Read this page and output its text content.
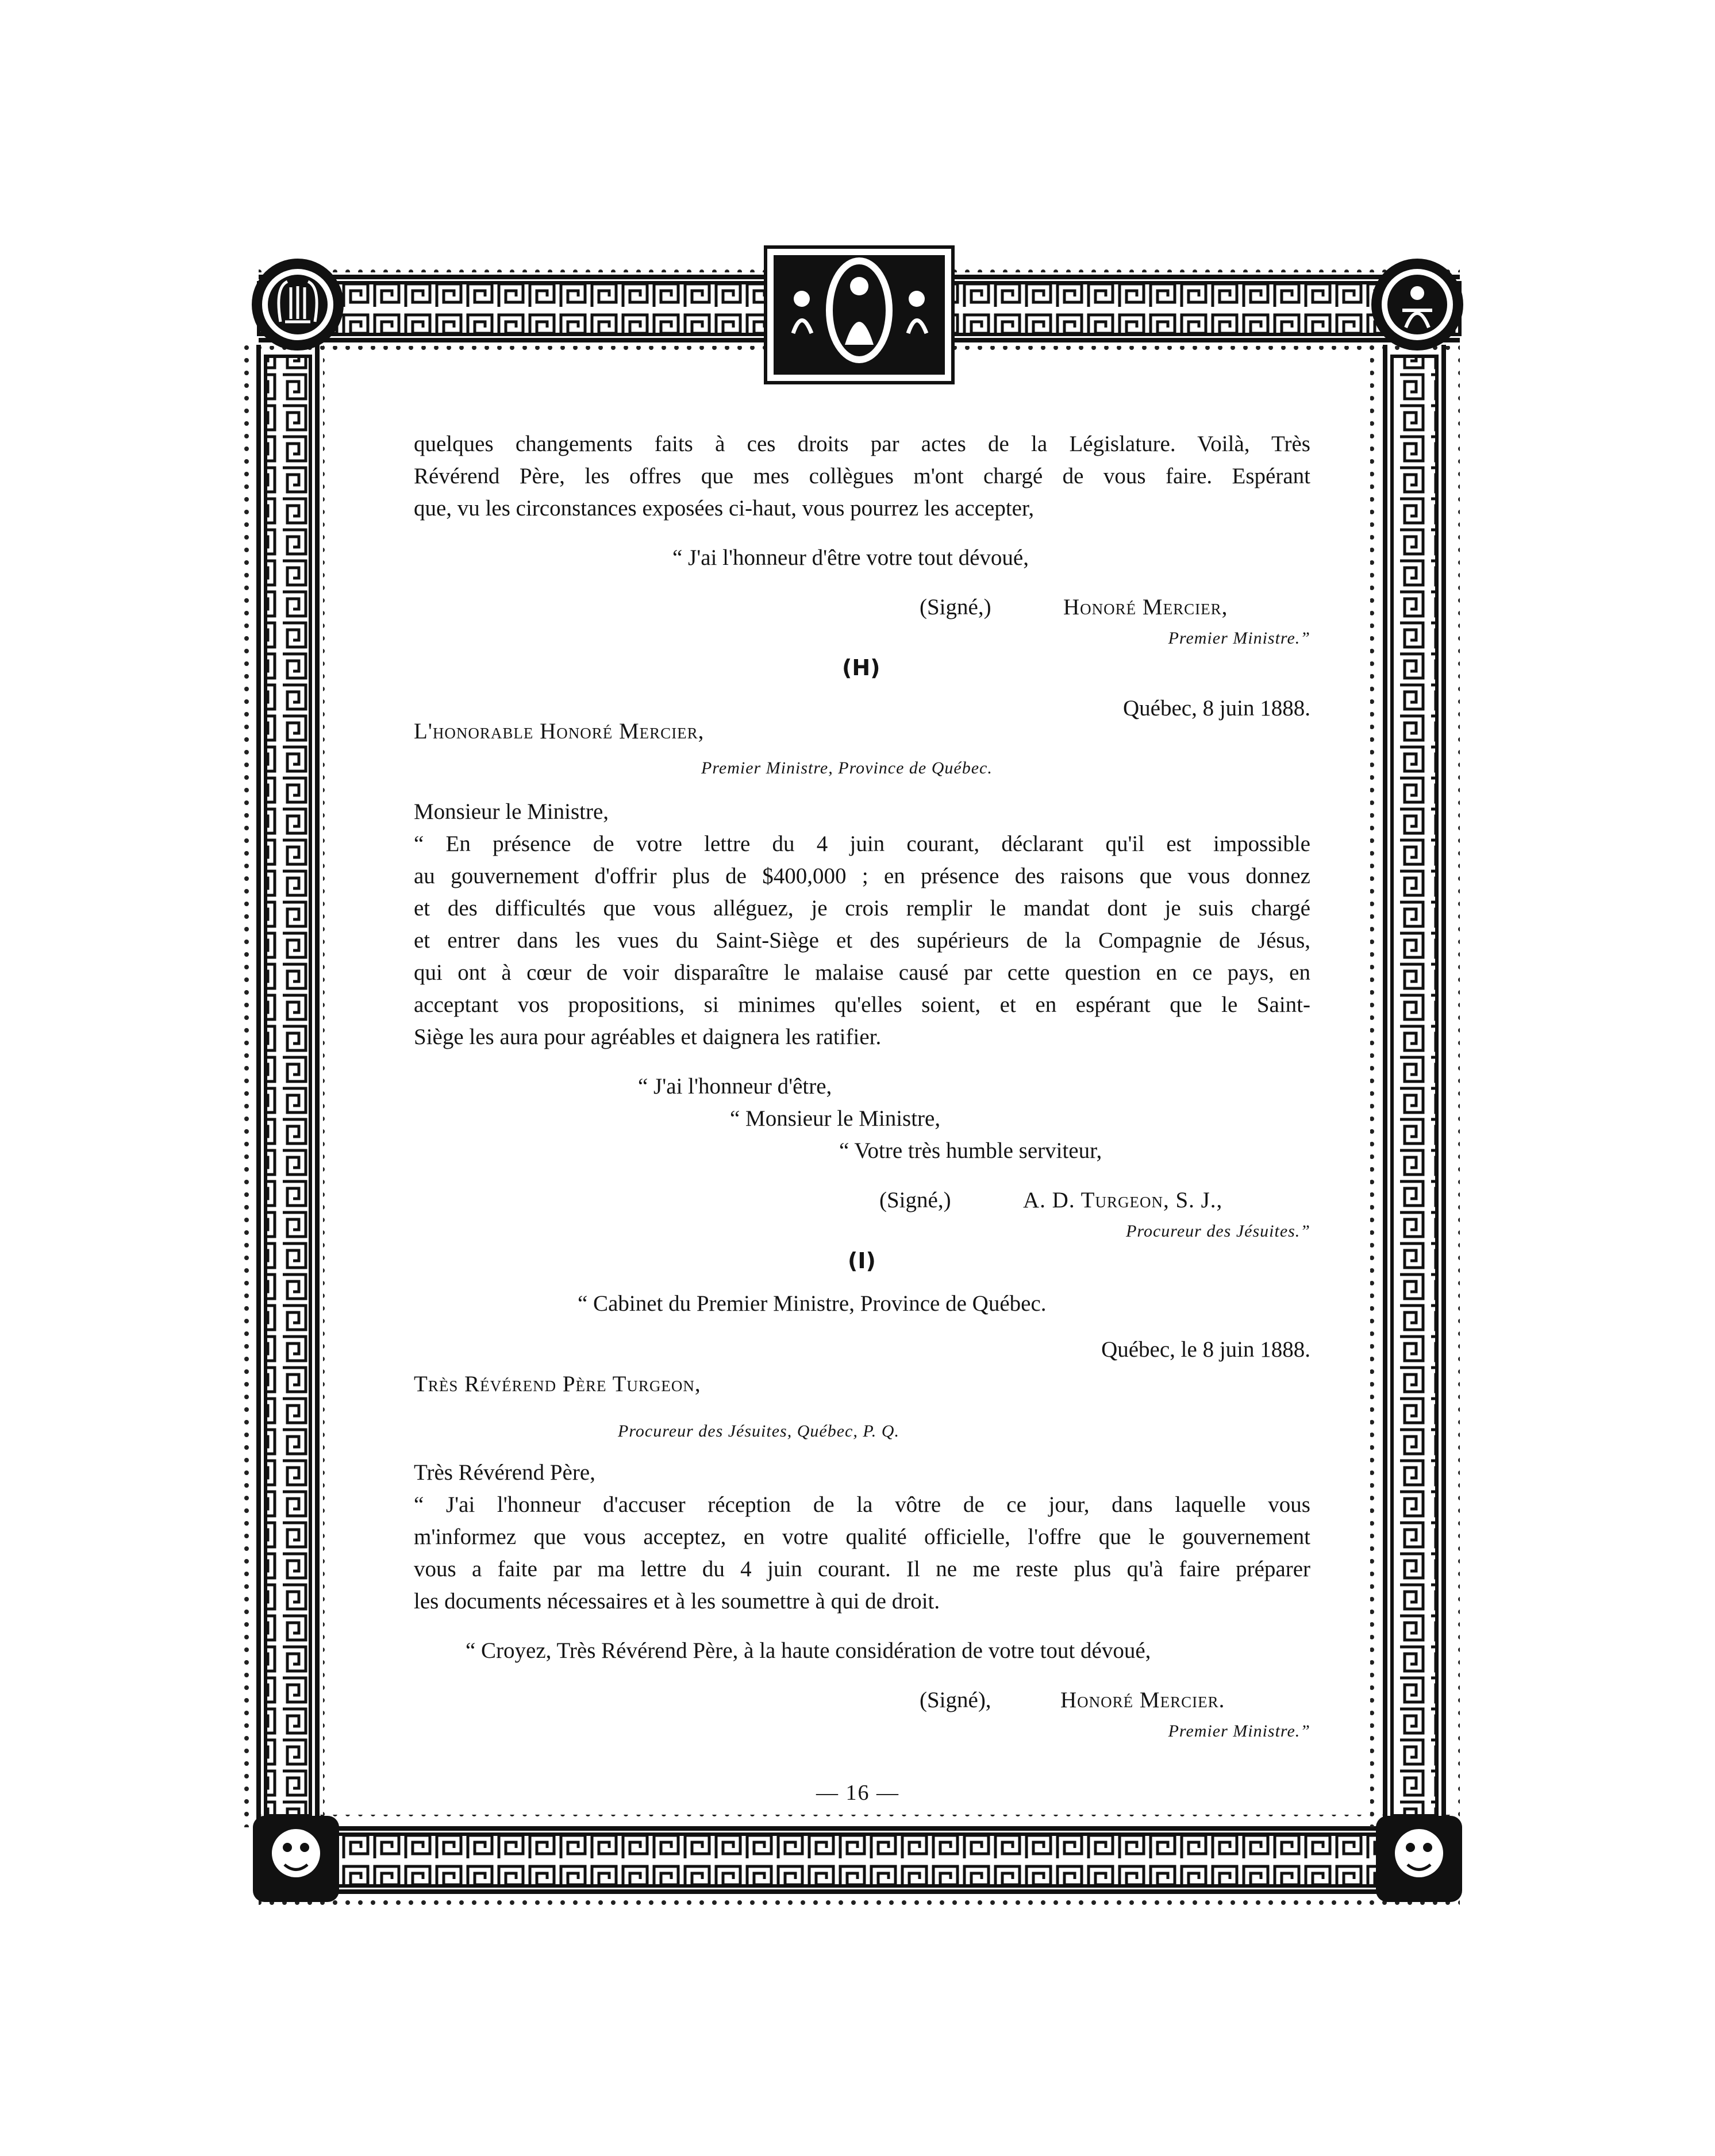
quelques changements faits à ces droits par actes de la Législature. Voilà, Très
Révérend Père, les offres que mes collègues m'ont chargé de vous faire. Espérant
que, vu les circonstances exposées ci-haut, vous pourrez les accepter,
“ J'ai l'honneur d'être votre tout dévoué,
(Signé,)	Honoré Mercier,
Premier Ministre.”
(H)
Québec, 8 juin 1888.
L'honorable Honoré Mercier,
Premier Ministre, Province de Québec.
Monsieur le Ministre,
“ En présence de votre lettre du 4 juin courant, déclarant qu'il est impossible
au gouvernement d'offrir plus de $400,000 ; en présence des raisons que vous donnez
et des difficultés que vous alléguez, je crois remplir le mandat dont je suis chargé
et entrer dans les vues du Saint-Siège et des supérieurs de la Compagnie de Jésus,
qui ont à cœur de voir disparaître le malaise causé par cette question en ce pays, en
acceptant vos propositions, si minimes qu'elles soient, et en espérant que le Saint-
Siège les aura pour agréables et daignera les ratifier.
“ J'ai l'honneur d'être,
“ Monsieur le Ministre,
“ Votre très humble serviteur,
(Signé,)	A. D. Turgeon, S. J.,
Procureur des Jésuites.”
(I)
“ Cabinet du Premier Ministre, Province de Québec.
Québec, le 8 juin 1888.
Très Révérend Père Turgeon,
Procureur des Jésuites, Québec, P. Q.
Très Révérend Père,
“ J'ai l'honneur d'accuser réception de la vôtre de ce jour, dans laquelle vous
m'informez que vous acceptez, en votre qualité officielle, l'offre que le gouvernement
vous a faite par ma lettre du 4 juin courant. Il ne me reste plus qu'à faire préparer
les documents nécessaires et à les soumettre à qui de droit.
“ Croyez, Très Révérend Père, à la haute considération de votre tout dévoué,
(Signé),	Honoré Mercier.
Premier Ministre.”
— 16 —
